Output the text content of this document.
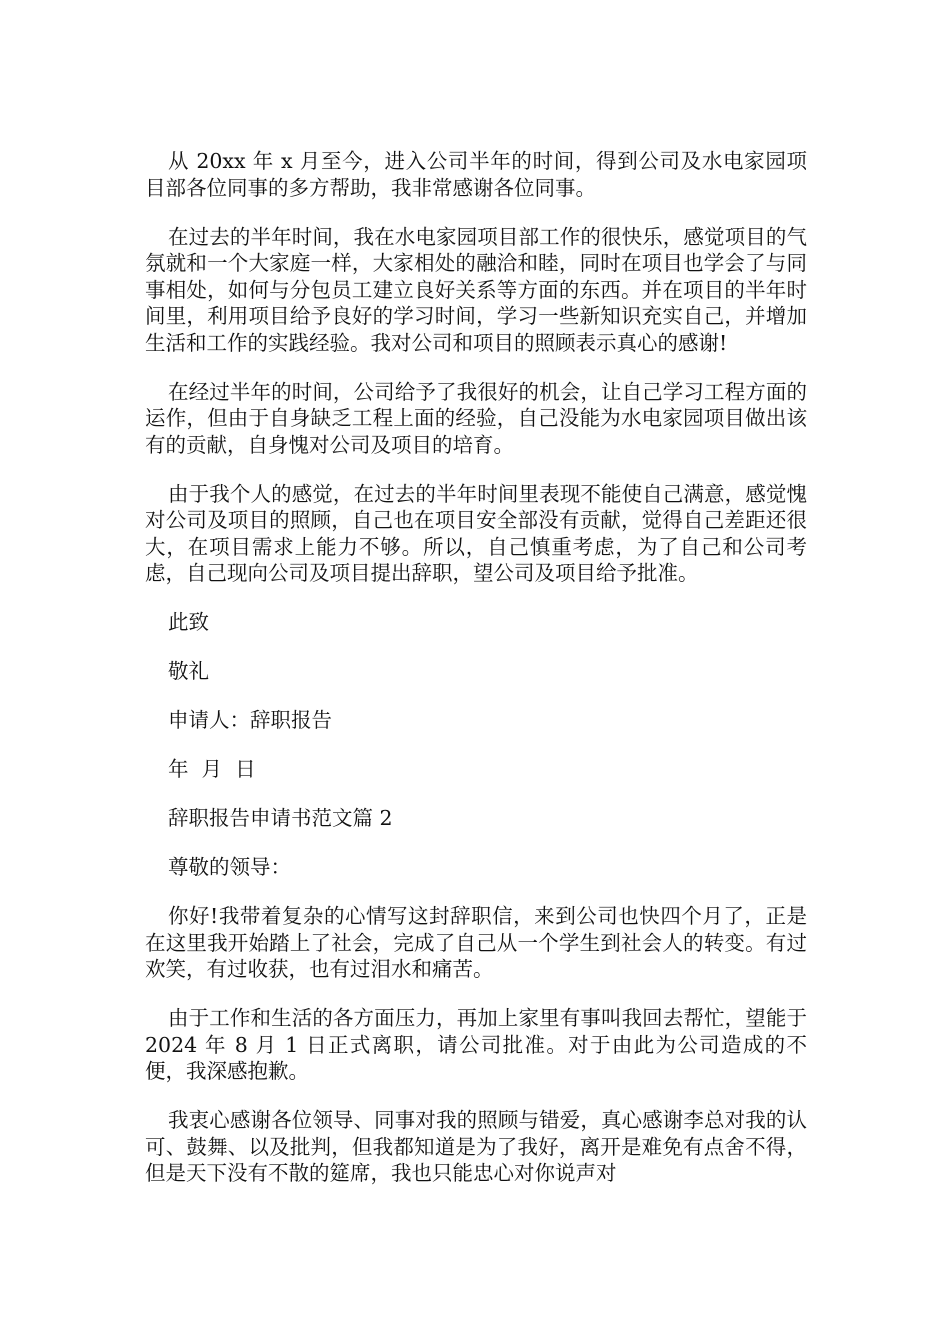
从 20xx 年 x 月至今，进入公司半年的时间，得到公司及水电家园项目部各位同事的多方帮助，我非常感谢各位同事。

在过去的半年时间，我在水电家园项目部工作的很快乐，感觉项目的气氛就和一个大家庭一样，大家相处的融洽和睦，同时在项目也学会了与同事相处，如何与分包员工建立良好关系等方面的东西。并在项目的半年时间里，利用项目给予良好的学习时间，学习一些新知识充实自己，并增加生活和工作的实践经验。我对公司和项目的照顾表示真心的感谢!

在经过半年的时间，公司给予了我很好的机会，让自己学习工程方面的运作，但由于自身缺乏工程上面的经验，自己没能为水电家园项目做出该有的贡献，自身愧对公司及项目的培育。

由于我个人的感觉，在过去的半年时间里表现不能使自己满意，感觉愧对公司及项目的照顾，自己也在项目安全部没有贡献，觉得自己差距还很大，在项目需求上能力不够。所以，自己慎重考虑，为了自己和公司考虑，自己现向公司及项目提出辞职，望公司及项目给予批准。

此致

敬礼

申请人：辞职报告

年  月  日

辞职报告申请书范文篇 2

尊敬的领导：

你好!我带着复杂的心情写这封辞职信，来到公司也快四个月了，正是在这里我开始踏上了社会，完成了自己从一个学生到社会人的转变。有过欢笑，有过收获，也有过泪水和痛苦。

由于工作和生活的各方面压力，再加上家里有事叫我回去帮忙，望能于 2024 年 8 月 1 日正式离职，请公司批准。对于由此为公司造成的不便，我深感抱歉。

我衷心感谢各位领导、同事对我的照顾与错爱，真心感谢李总对我的认可、鼓舞、以及批判，但我都知道是为了我好，离开是难免有点舍不得，但是天下没有不散的筵席，我也只能忠心对你说声对
